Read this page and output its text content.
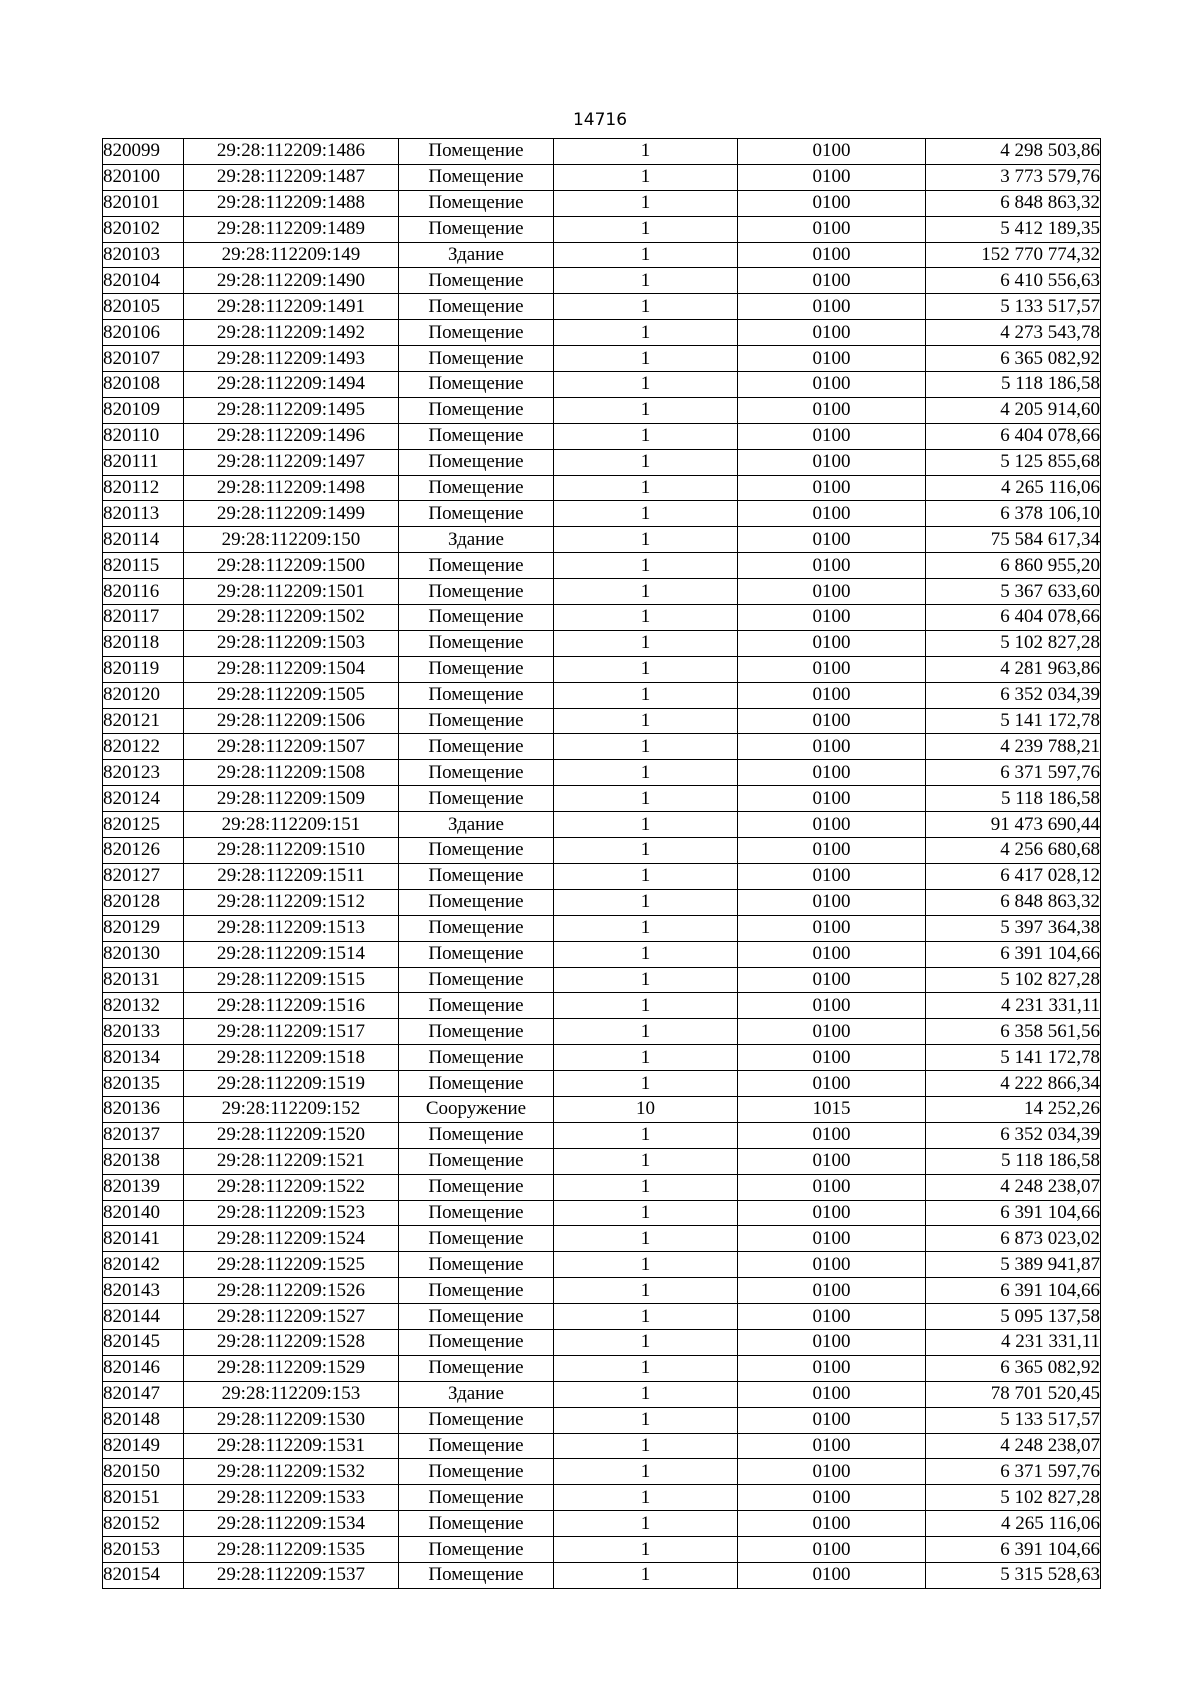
14716
820099	29:28:112209:1486	Помещение	1	0100	4 298 503,86
820100	29:28:112209:1487	Помещение	1	0100	3 773 579,76
820101	29:28:112209:1488	Помещение	1	0100	6 848 863,32
820102	29:28:112209:1489	Помещение	1	0100	5 412 189,35
820103	29:28:112209:149	Здание	1	0100	152 770 774,32
820104	29:28:112209:1490	Помещение	1	0100	6 410 556,63
820105	29:28:112209:1491	Помещение	1	0100	5 133 517,57
820106	29:28:112209:1492	Помещение	1	0100	4 273 543,78
820107	29:28:112209:1493	Помещение	1	0100	6 365 082,92
820108	29:28:112209:1494	Помещение	1	0100	5 118 186,58
820109	29:28:112209:1495	Помещение	1	0100	4 205 914,60
820110	29:28:112209:1496	Помещение	1	0100	6 404 078,66
820111	29:28:112209:1497	Помещение	1	0100	5 125 855,68
820112	29:28:112209:1498	Помещение	1	0100	4 265 116,06
820113	29:28:112209:1499	Помещение	1	0100	6 378 106,10
820114	29:28:112209:150	Здание	1	0100	75 584 617,34
820115	29:28:112209:1500	Помещение	1	0100	6 860 955,20
820116	29:28:112209:1501	Помещение	1	0100	5 367 633,60
820117	29:28:112209:1502	Помещение	1	0100	6 404 078,66
820118	29:28:112209:1503	Помещение	1	0100	5 102 827,28
820119	29:28:112209:1504	Помещение	1	0100	4 281 963,86
820120	29:28:112209:1505	Помещение	1	0100	6 352 034,39
820121	29:28:112209:1506	Помещение	1	0100	5 141 172,78
820122	29:28:112209:1507	Помещение	1	0100	4 239 788,21
820123	29:28:112209:1508	Помещение	1	0100	6 371 597,76
820124	29:28:112209:1509	Помещение	1	0100	5 118 186,58
820125	29:28:112209:151	Здание	1	0100	91 473 690,44
820126	29:28:112209:1510	Помещение	1	0100	4 256 680,68
820127	29:28:112209:1511	Помещение	1	0100	6 417 028,12
820128	29:28:112209:1512	Помещение	1	0100	6 848 863,32
820129	29:28:112209:1513	Помещение	1	0100	5 397 364,38
820130	29:28:112209:1514	Помещение	1	0100	6 391 104,66
820131	29:28:112209:1515	Помещение	1	0100	5 102 827,28
820132	29:28:112209:1516	Помещение	1	0100	4 231 331,11
820133	29:28:112209:1517	Помещение	1	0100	6 358 561,56
820134	29:28:112209:1518	Помещение	1	0100	5 141 172,78
820135	29:28:112209:1519	Помещение	1	0100	4 222 866,34
820136	29:28:112209:152	Сооружение	10	1015	14 252,26
820137	29:28:112209:1520	Помещение	1	0100	6 352 034,39
820138	29:28:112209:1521	Помещение	1	0100	5 118 186,58
820139	29:28:112209:1522	Помещение	1	0100	4 248 238,07
820140	29:28:112209:1523	Помещение	1	0100	6 391 104,66
820141	29:28:112209:1524	Помещение	1	0100	6 873 023,02
820142	29:28:112209:1525	Помещение	1	0100	5 389 941,87
820143	29:28:112209:1526	Помещение	1	0100	6 391 104,66
820144	29:28:112209:1527	Помещение	1	0100	5 095 137,58
820145	29:28:112209:1528	Помещение	1	0100	4 231 331,11
820146	29:28:112209:1529	Помещение	1	0100	6 365 082,92
820147	29:28:112209:153	Здание	1	0100	78 701 520,45
820148	29:28:112209:1530	Помещение	1	0100	5 133 517,57
820149	29:28:112209:1531	Помещение	1	0100	4 248 238,07
820150	29:28:112209:1532	Помещение	1	0100	6 371 597,76
820151	29:28:112209:1533	Помещение	1	0100	5 102 827,28
820152	29:28:112209:1534	Помещение	1	0100	4 265 116,06
820153	29:28:112209:1535	Помещение	1	0100	6 391 104,66
820154	29:28:112209:1537	Помещение	1	0100	5 315 528,63
